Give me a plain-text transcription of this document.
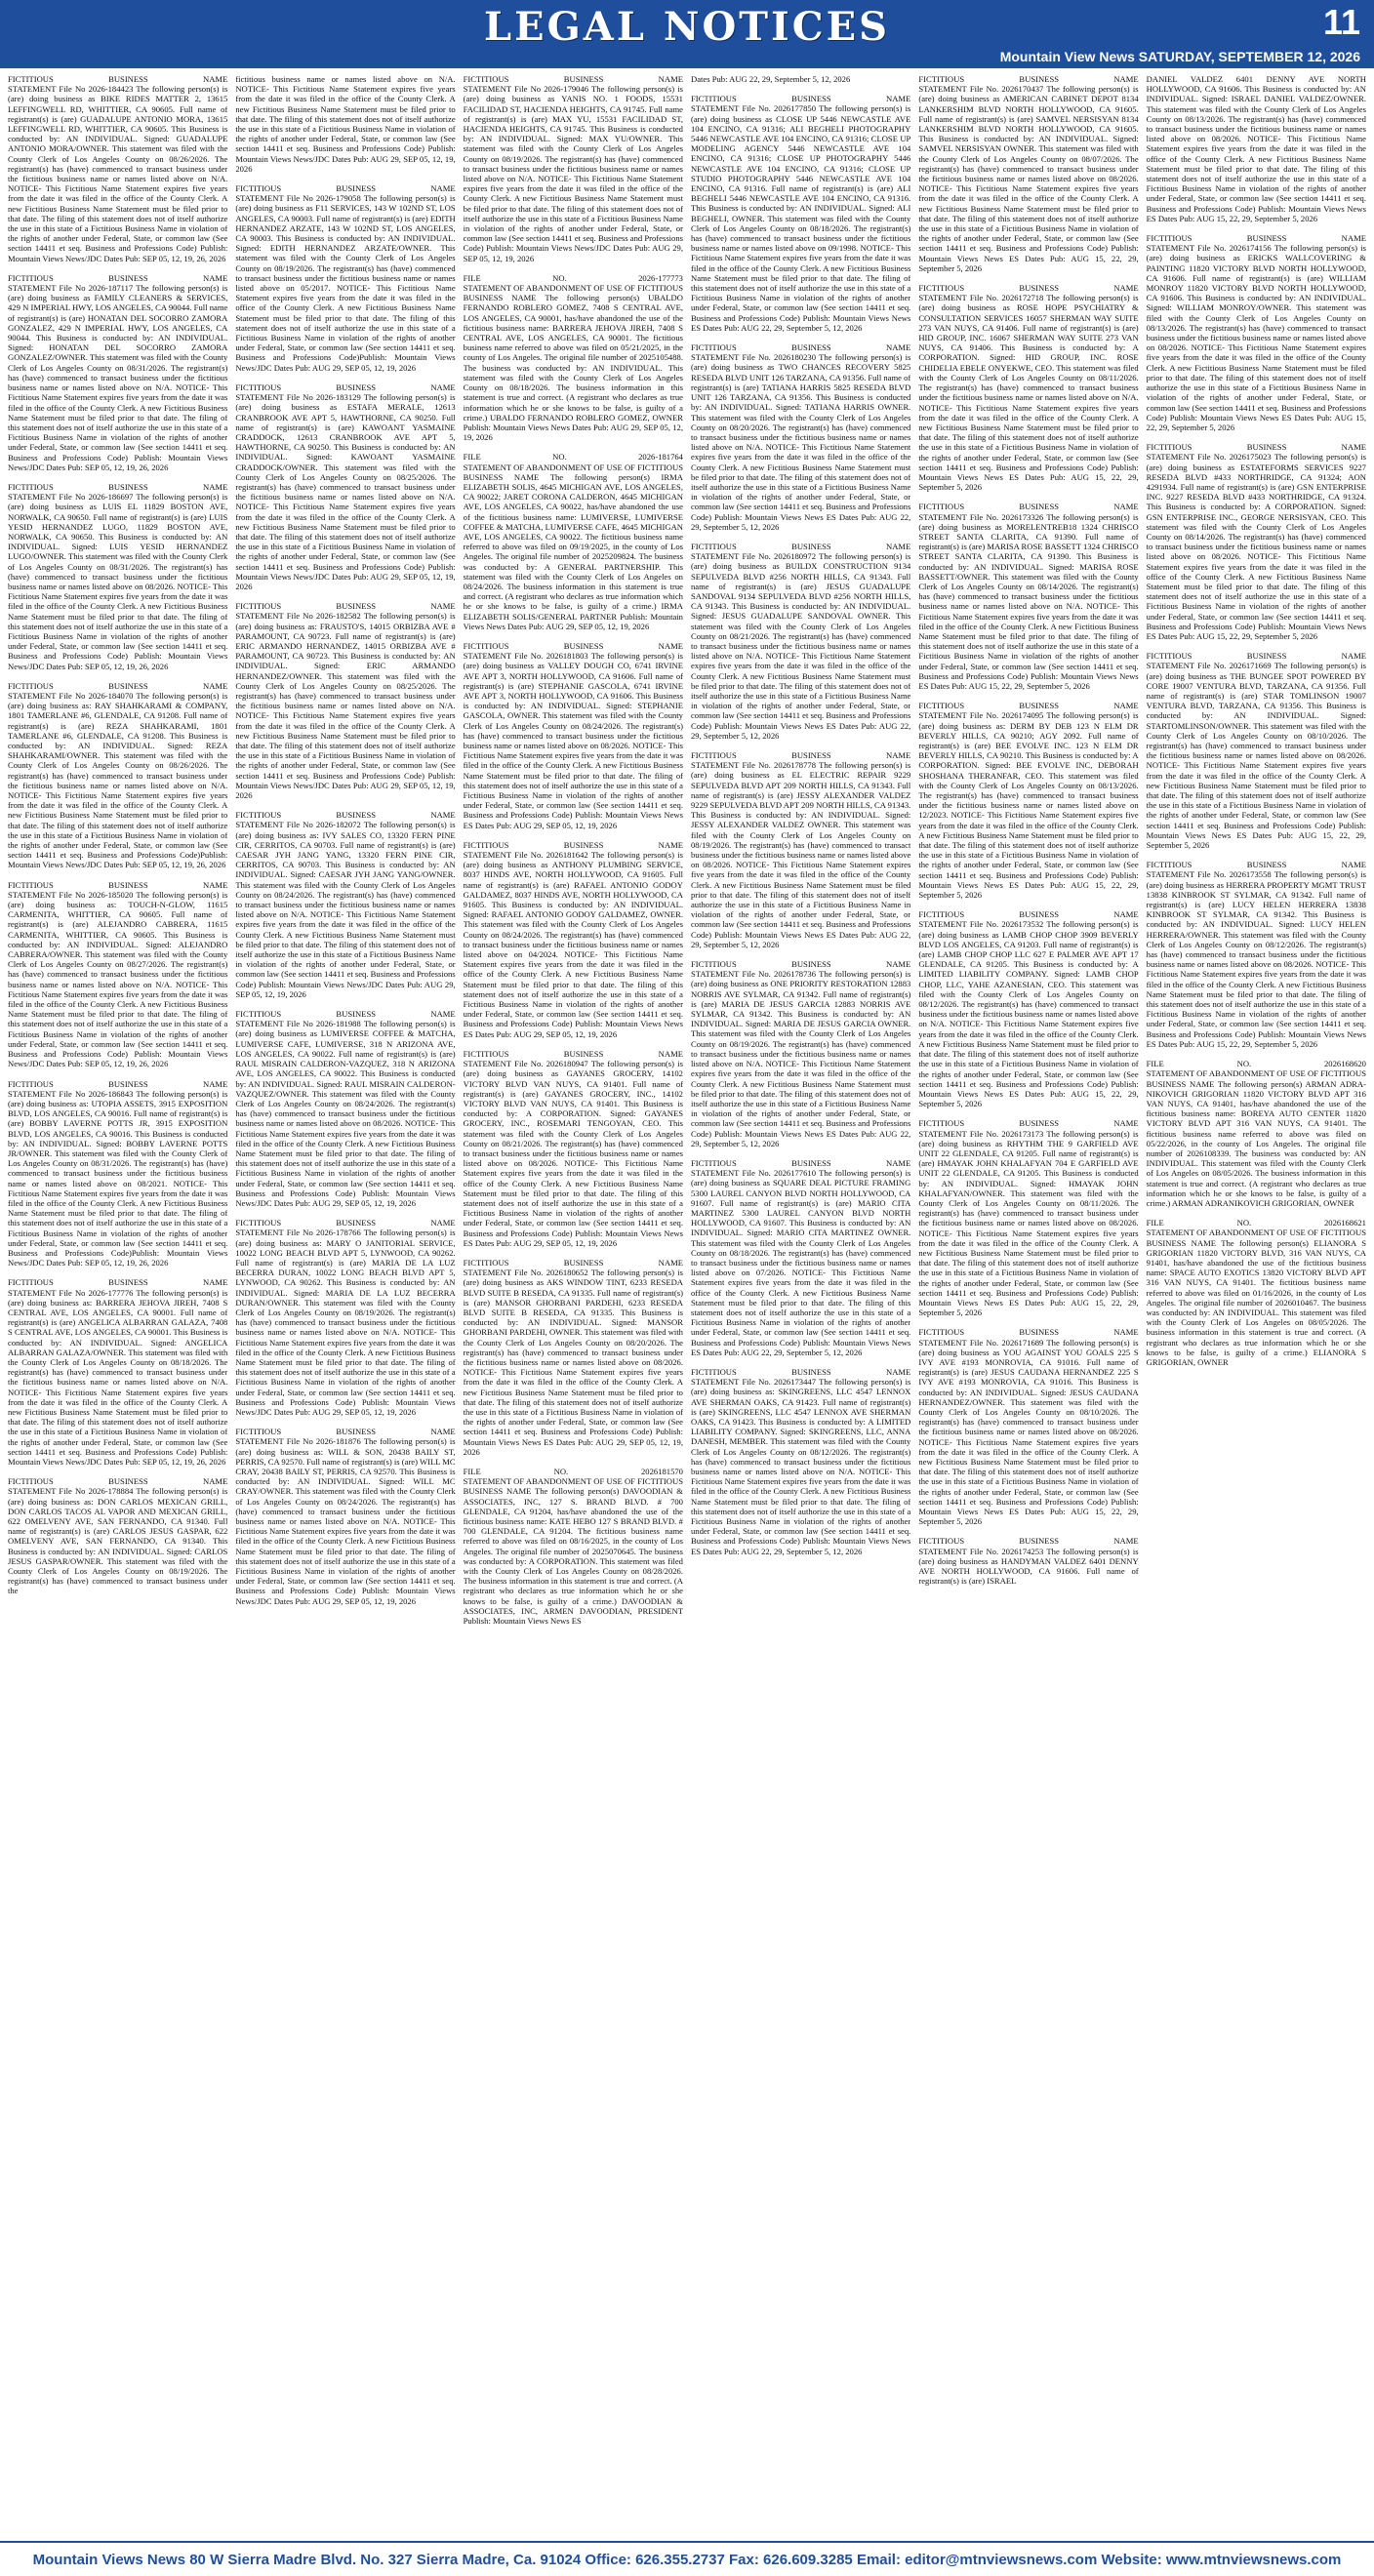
LEGAL NOTICES	11
Mountain View News SATURDAY, SEPTEMBER 12, 2026
FICTITIOUS BUSINESS NAME
STATEMENT File No 2026-184423 The following person(s) is (are) doing business as BIKE RIDES MATTER 2, 13615 LEFFINGWELL RD, WHITTIER, CA 90605. Full name of registrant(s) is (are) GUADALUPE ANTONIO MORA, 13615 LEFFINGWELL RD, WHITTIER, CA 90605. This Business is conducted by: AN INDIVIDUAL. Signed: GUADALUPE ANTONIO MORA/OWNER. This statement was filed with the County Clerk of Los Angeles County on 08/26/2026. The registrant(s) has (have) commenced to transact business under the fictitious business name or names listed above on N/A. NOTICE- This Fictitious Name Statement expires five years from the date it was filed in the office of the County Clerk. A new Fictitious Business Name Statement must be filed prior to that date. The filing of this statement does not of itself authorize the use in this state of a Fictitious Business Name in violation of the rights of another under Federal, State, or common law (See section 14411 et seq. Business and Professions Code) Publish: Mountain Views News/JDC Dates Pub: SEP 05, 12, 19, 26, 2026
FICTITIOUS BUSINESS NAME
STATEMENT File No 2026-187117 The following person(s) is (are) doing business as FAMILY CLEANERS & SERVICES, 429 N IMPERIAL HWY, LOS ANGELES, CA 90044. Full name of registrant(s) is (are) HONATAN DEL SOCORRO ZAMORA GONZALEZ, 429 N IMPERIAL HWY, LOS ANGELES, CA 90044. This Business is conducted by: AN INDIVIDUAL. Signed: HONATAN DEL SOCORRO ZAMORA GONZALEZ/OWNER. This statement was filed with the County Clerk of Los Angeles County on 08/31/2026. The registrant(s) has (have) commenced to transact business under the fictitious business name or names listed above on N/A. NOTICE- This Fictitious Name Statement expires five years from the date it was filed in the office of the County Clerk. A new Fictitious Business Name Statement must be filed prior to that date. The filing of this statement does not of itself authorize the use in this state of a Fictitious Business Name in violation of the rights of another under Federal, State, or common law (See section 14411 et seq. Business and Professions Code) Publish: Mountain Views News/JDC Dates Pub: SEP 05, 12, 19, 26, 2026
FICTITIOUS BUSINESS NAME
STATEMENT File No 2026-186697 The following person(s) is (are) doing business as LUIS EL 11829 BOSTON AVE, NORWALK, CA 90650. Full name of registrant(s) is (are) LUIS YESID HERNANDEZ LUGO, 11829 BOSTON AVE, NORWALK, CA 90650. This Business is conducted by: AN INDIVIDUAL. Signed: LUIS YESID HERNANDEZ LUGO/OWNER. This statement was filed with the County Clerk of Los Angeles County on 08/31/2026. The registrant(s) has (have) commenced to transact business under the fictitious business name or names listed above on 08/2026. NOTICE- This Fictitious Name Statement expires five years from the date it was filed in the office of the County Clerk. A new Fictitious Business Name Statement must be filed prior to that date. The filing of this statement does not of itself authorize the use in this state of a Fictitious Business Name in violation of the rights of another under Federal, State, or common law (See section 14411 et seq. Business and Professions Code) Publish: Mountain Views News/JDC Dates Pub: SEP 05, 12, 19, 26, 2026
FICTITIOUS BUSINESS NAME
STATEMENT File No 2026-184070 The following person(s) is (are) doing business as: RAY SHAHKARAMI & COMPANY, 1801 TAMERLANE #6, GLENDALE, CA 91208. Full name of registrant(s) is (are) REZA SHAHKARAMI, 1801 TAMERLANE #6, GLENDALE, CA 91208. This Business is conducted by: AN INDIVIDUAL. Signed: REZA SHAHKARAMI/OWNER. This statement was filed with the County Clerk of Los Angeles County on 08/26/2026. The registrant(s) has (have) commenced to transact business under the fictitious business name or names listed above on N/A. NOTICE- This Fictitious Name Statement expires five years from the date it was filed in the office of the County Clerk. A new Fictitious Business Name Statement must be filed prior to that date. The filing of this statement does not of itself authorize the use in this state of a Fictitious Business Name in violation of the rights of another under Federal, State, or common law (See section 14411 et seq. Business and Professions Code)Publish: Mountain Views News/JDC Dates Pub: SEP 05, 12, 19, 26, 2026
FICTITIOUS BUSINESS NAME
STATEMENT File No 2026-185020 The following person(s) is (are) doing business as: TOUCH-N-GLOW, 11615 CARMENITA, WHITTIER, CA 90605. Full name of registrant(s) is (are) ALEJANDRO CABRERA, 11615 CARMENITA, WHITTIER, CA 90605. This Business is conducted by: AN INDIVIDUAL. Signed: ALEJANDRO CABRERA/OWNER. This statement was filed with the County Clerk of Los Angeles County on 08/27/2026. The registrant(s) has (have) commenced to transact business under the fictitious business name or names listed above on N/A. NOTICE- This Fictitious Name Statement expires five years from the date it was filed in the office of the County Clerk. A new Fictitious Business Name Statement must be filed prior to that date. The filing of this statement does not of itself authorize the use in this state of a Fictitious Business Name in violation of the rights of another under Federal, State, or common law (See section 14411 et seq. Business and Professions Code) Publish: Mountain Views News/JDC Dates Pub: SEP 05, 12, 19, 26, 2026
FICTITIOUS BUSINESS NAME
STATEMENT File No 2026-186843 The following person(s) is (are) doing business as: UTOPIA ASSETS, 3915 EXPOSITION BLVD, LOS ANGELES, CA 90016. Full name of registrant(s) is (are) BOBBY LAVERNE POTTS JR, 3915 EXPOSITION BLVD, LOS ANGELES, CA 90016. This Business is conducted by: AN INDIVIDUAL. Signed: BOBBY LAVERNE POTTS JR/OWNER. This statement was filed with the County Clerk of Los Angeles County on 08/31/2026. The registrant(s) has (have) commenced to transact business under the fictitious business name or names listed above on 08/2021. NOTICE- This Fictitious Name Statement expires five years from the date it was filed in the office of the County Clerk. A new Fictitious Business Name Statement must be filed prior to that date. The filing of this statement does not of itself authorize the use in this state of a Fictitious Business Name in violation of the rights of another under Federal, State, or common law (See section 14411 et seq. Business and Professions Code)Publish: Mountain Views News/JDC Dates Pub: SEP 05, 12, 19, 26, 2026
FICTITIOUS BUSINESS NAME
STATEMENT File No 2026-177776 The following person(s) is (are) doing business as: BARRERA JEHOVA JIREH, 7408 S CENTRAL AVE, LOS ANGELES, CA 90001. Full name of registrant(s) is (are) ANGELICA ALBARRAN GALAZA, 7408 S CENTRAL AVE, LOS ANGELES, CA 90001. This Business is conducted by: AN INDIVIDUAL. Signed: ANGELICA ALBARRAN GALAZA/OWNER. This statement was filed with the County Clerk of Los Angeles County on 08/18/2026. The registrant(s) has (have) commenced to transact business under the fictitious business name or names listed above on N/A. NOTICE- This Fictitious Name Statement expires five years from the date it was filed in the office of the County Clerk. A new Fictitious Business Name Statement must be filed prior to that date. The filing of this statement does not of itself authorize the use in this state of a Fictitious Business Name in violation of the rights of another under Federal, State, or common law (See section 14411 et seq. Business and Professions Code) Publish: Mountain Views News/JDC Dates Pub: SEP 05, 12, 19, 26, 2026
FICTITIOUS BUSINESS NAME
STATEMENT File No 2026-178884 The following person(s) is (are) doing business as: DON CARLOS MEXICAN GRILL, DON CARLOS TACOS AL VAPOR AND MEXICAN GRILL, 622 OMELVENY AVE, SAN FERNANDO, CA 91340. Full name of registrant(s) is (are) CARLOS JESUS GASPAR, 622 OMELVENY AVE, SAN FERNANDO, CA 91340. This Business is conducted by: AN INDIVIDUAL. Signed: CARLOS JESUS GASPAR/OWNER. This statement was filed with the County Clerk of Los Angeles County on 08/19/2026. The registrant(s) has (have) commenced to transact business under the
fictitious business name or names listed above on N/A. NOTICE- This Fictitious Name Statement expires five years from the date it was filed in the office of the County Clerk. A new Fictitious Business Name Statement must be filed prior to that date. The filing of this statement does not of itself authorize the use in this state of a Fictitious Business Name in violation of the rights of another under Federal, State, or common law (See section 14411 et seq. Business and Professions Code) Publish: Mountain Views News/JDC Dates Pub: AUG 29, SEP 05, 12, 19, 2026
FICTITIOUS BUSINESS NAME
STATEMENT File No 2026-179058 The following person(s) is (are) doing business as F11 SERVICES, 143 W 102ND ST, LOS ANGELES, CA 90003. Full name of registrant(s) is (are) EDITH HERNANDEZ ARZATE, 143 W 102ND ST, LOS ANGELES, CA 90003. This Business is conducted by: AN INDIVIDUAL. Signed: EDITH HERNANDEZ ARZATE/OWNER. This statement was filed with the County Clerk of Los Angeles County on 08/19/2026. The registrant(s) has (have) commenced to transact business under the fictitious business name or names listed above on 05/2017. NOTICE- This Fictitious Name Statement expires five years from the date it was filed in the office of the County Clerk. A new Fictitious Business Name Statement must be filed prior to that date. The filing of this statement does not of itself authorize the use in this state of a Fictitious Business Name in violation of the rights of another under Federal, State, or common law (See section 14411 et seq. Business and Professions Code)Publish: Mountain Views News/JDC Dates Pub: AUG 29, SEP 05, 12, 19, 2026
FICTITIOUS BUSINESS NAME
STATEMENT File No 2026-183129 The following person(s) is (are) doing business as ESTAFA MERALE, 12613 CRANBROOK AVE APT 5, HAWTHORNE, CA 90250. Full name of registrant(s) is (are) KAWOANT YASMAINE CRADDOCK, 12613 CRANBROOK AVE APT 5, HAWTHORNE, CA 90250. This Business is conducted by: AN INDIVIDUAL. Signed: KAWOANT YASMAINE CRADDOCK/OWNER. This statement was filed with the County Clerk of Los Angeles County on 08/25/2026. The registrant(s) has (have) commenced to transact business under the fictitious business name or names listed above on N/A. NOTICE- This Fictitious Name Statement expires five years from the date it was filed in the office of the County Clerk. A new Fictitious Business Name Statement must be filed prior to that date. The filing of this statement does not of itself authorize the use in this state of a Fictitious Business Name in violation of the rights of another under Federal, State, or common law (See section 14411 et seq. Business and Professions Code) Publish: Mountain Views News/JDC Dates Pub: AUG 29, SEP 05, 12, 19, 2026
FICTITIOUS BUSINESS NAME
STATEMENT File No 2026-182582 The following person(s) is (are) doing business as: FRAUSTO'S, 14015 ORBIZBA AVE # PARAMOUNT, CA 90723. Full name of registrant(s) is (are) ERIC ARMANDO HERNANDEZ, 14015 ORBIZBA AVE # PARAMOUNT, CA 90723. This Business is conducted by: AN INDIVIDUAL. Signed: ERIC ARMANDO HERNANDEZ/OWNER. This statement was filed with the County Clerk of Los Angeles County on 08/25/2026. The registrant(s) has (have) commenced to transact business under the fictitious business name or names listed above on N/A. NOTICE- This Fictitious Name Statement expires five years from the date it was filed in the office of the County Clerk. A new Fictitious Business Name Statement must be filed prior to that date. The filing of this statement does not of itself authorize the use in this state of a Fictitious Business Name in violation of the rights of another under Federal, State, or common law (See section 14411 et seq. Business and Professions Code) Publish: Mountain Views News/JDC Dates Pub: AUG 29, SEP 05, 12, 19, 2026
FICTITIOUS BUSINESS NAME
STATEMENT File No 2026-182072 The following person(s) is (are) doing business as: IVY SALES CO, 13320 FERN PINE CIR, CERRITOS, CA 90703. Full name of registrant(s) is (are) CAESAR JYH JANG YANG, 13320 FERN PINE CIR, CERRITOS, CA 90703. This Business is conducted by: AN INDIVIDUAL. Signed: CAESAR JYH JANG YANG/OWNER. This statement was filed with the County Clerk of Los Angeles County on 08/24/2026. The registrant(s) has (have) commenced to transact business under the fictitious business name or names listed above on N/A. NOTICE- This Fictitious Name Statement expires five years from the date it was filed in the office of the County Clerk. A new Fictitious Business Name Statement must be filed prior to that date. The filing of this statement does not of itself authorize the use in this state of a Fictitious Business Name in violation of the rights of another under Federal, State, or common law (See section 14411 et seq. Business and Professions Code) Publish: Mountain Views News/JDC Dates Pub: AUG 29, SEP 05, 12, 19, 2026
FICTITIOUS BUSINESS NAME
STATEMENT File No 2026-181988 The following person(s) is (are) doing business as LUMIVERSE COFFEE & MATCHA, LUMIVERSE CAFE, LUMIVERSE, 318 N ARIZONA AVE, LOS ANGELES, CA 90022. Full name of registrant(s) is (are) RAUL MISRAIN CALDERON-VAZQUEZ, 318 N ARIZONA AVE, LOS ANGELES, CA 90022. This Business is conducted by: AN INDIVIDUAL. Signed: RAUL MISRAIN CALDERON-VAZQUEZ/OWNER. This statement was filed with the County Clerk of Los Angeles County on 08/24/2026. The registrant(s) has (have) commenced to transact business under the fictitious business name or names listed above on 08/2026. NOTICE- This Fictitious Name Statement expires five years from the date it was filed in the office of the County Clerk. A new Fictitious Business Name Statement must be filed prior to that date. The filing of this statement does not of itself authorize the use in this state of a Fictitious Business Name in violation of the rights of another under Federal, State, or common law (See section 14411 et seq. Business and Professions Code) Publish: Mountain Views News/JDC Dates Pub: AUG 29, SEP 05, 12, 19, 2026
FICTITIOUS BUSINESS NAME
STATEMENT File No 2026-178766 The following person(s) is (are) doing business as: MARY O JANITORIAL SERVICE, 10022 LONG BEACH BLVD APT 5, LYNWOOD, CA 90262. Full name of registrant(s) is (are) MARIA DE LA LUZ BECERRA DURAN, 10022 LONG BEACH BLVD APT 5, LYNWOOD, CA 90262. This Business is conducted by: AN INDIVIDUAL. Signed: MARIA DE LA LUZ BECERRA DURAN/OWNER. This statement was filed with the County Clerk of Los Angeles County on 08/19/2026. The registrant(s) has (have) commenced to transact business under the fictitious business name or names listed above on N/A. NOTICE- This Fictitious Name Statement expires five years from the date it was filed in the office of the County Clerk. A new Fictitious Business Name Statement must be filed prior to that date. The filing of this statement does not of itself authorize the use in this state of a Fictitious Business Name in violation of the rights of another under Federal, State, or common law (See section 14411 et seq. Business and Professions Code) Publish: Mountain Views News/JDC Dates Pub: AUG 29, SEP 05, 12, 19, 2026
FICTITIOUS BUSINESS NAME
STATEMENT File No 2026-181876 The following person(s) is (are) doing business as: WILL & SON, 20438 BAILY ST, PERRIS, CA 92570. Full name of registrant(s) is (are) WILL MC CRAY, 20438 BAILY ST, PERRIS, CA 92570. This Business is conducted by: AN INDIVIDUAL. Signed: WILL MC CRAY/OWNER. This statement was filed with the County Clerk of Los Angeles County on 08/24/2026. The registrant(s) has (have) commenced to transact business under the fictitious business name or names listed above on N/A. NOTICE- This Fictitious Name Statement expires five years from the date it was filed in the office of the County Clerk. A new Fictitious Business Name Statement must be filed prior to that date. The filing of this statement does not of itself authorize the use in this state of a Fictitious Business Name in violation of the rights of another under Federal, State, or common law (See section 14411 et seq. Business and Professions Code) Publish: Mountain Views News/JDC Dates Pub: AUG 29, SEP 05, 12, 19, 2026
FICTITIOUS BUSINESS NAME
STATEMENT File No 2026-179046 The following person(s) is (are) doing business as YANIS NO. 1 FOODS, 15531 FACILIDAD ST, HACIENDA HEIGHTS, CA 91745. Full name of registrant(s) is (are) MAX YU, 15531 FACILIDAD ST, HACIENDA HEIGHTS, CA 91745. This Business is conducted by: AN INDIVIDUAL. Signed: MAX YU/OWNER. This statement was filed with the County Clerk of Los Angeles County on 08/19/2026. The registrant(s) has (have) commenced to transact business under the fictitious business name or names listed above on N/A. NOTICE- This Fictitious Name Statement expires five years from the date it was filed in the office of the County Clerk. A new Fictitious Business Name Statement must be filed prior to that date. The filing of this statement does not of itself authorize the use in this state of a Fictitious Business Name in violation of the rights of another under Federal, State, or common law (See section 14411 et seq. Business and Professions Code) Publish: Mountain Views News/JDC Dates Pub: AUG 29, SEP 05, 12, 19, 2026
FILE NO. 2026-177773
STATEMENT OF ABANDONMENT OF USE OF FICTITIOUS BUSINESS NAME The following person(s) UBALDO FERNANDO ROBLERO GOMEZ, 7408 S CENTRAL AVE, LOS ANGELES, CA 90001, has/have abandoned the use of the fictitious business name: BARRERA JEHOVA JIREH, 7408 S CENTRAL AVE, LOS ANGELES, CA 90001. The fictitious business name referred to above was filed on 05/21/2025, in the county of Los Angeles. The original file number of 2025105488. The business was conducted by: AN INDIVIDUAL. This statement was filed with the County Clerk of Los Angeles County on 08/18/2026. The business information in this statement is true and correct. (A registrant who declares as true information which he or she knows to be false, is guilty of a crime.) UBALDO FERNANDO ROBLERO GOMEZ, OWNER Publish: Mountain Views News Dates Pub: AUG 29, SEP 05, 12, 19, 2026
FILE NO. 2026-181764
STATEMENT OF ABANDONMENT OF USE OF FICTITIOUS BUSINESS NAME The following person(s) IRMA ELIZABETH SOLIS, 4645 MICHIGAN AVE, LOS ANGELES, CA 90022; JARET CORONA CALDERON, 4645 MICHIGAN AVE, LOS ANGELES, CA 90022, has/have abandoned the use of the fictitious business name: LUMIVERSE, LUMIVERSE COFFEE & MATCHA, LUMIVERSE CAFE, 4645 MICHIGAN AVE, LOS ANGELES, CA 90022. The fictitious business name referred to above was filed on 09/19/2025, in the county of Los Angeles. The original file number of 2025209824. The business was conducted by: A GENERAL PARTNERSHIP. This statement was filed with the County Clerk of Los Angeles on 08/24/2026. The business information in this statement is true and correct. (A registrant who declares as true information which he or she knows to be false, is guilty of a crime.) IRMA ELIZABETH SOLIS/GENERAL PARTNER Publish: Mountain Views News Dates Pub: AUG 29, SEP 05, 12, 19, 2026
FICTITIOUS BUSINESS NAME
STATEMENT File No. 2026181803 The following person(s) is (are) doing business as VALLEY DOUGH CO, 6741 IRVINE AVE APT 3, NORTH HOLLYWOOD, CA 91606. Full name of registrant(s) is (are) STEPHANIE GASCOLA, 6741 IRVINE AVE APT 3, NORTH HOLLYWOOD, CA 91606. This Business is conducted by: AN INDIVIDUAL. Signed: STEPHANIE GASCOLA, OWNER. This statement was filed with the County Clerk of Los Angeles County on 08/24/2026. The registrant(s) has (have) commenced to transact business under the fictitious business name or names listed above on 08/2026. NOTICE- This Fictitious Name Statement expires five years from the date it was filed in the office of the County Clerk. A new Fictitious Business Name Statement must be filed prior to that date. The filing of this statement does not of itself authorize the use in this state of a Fictitious Business Name in violation of the rights of another under Federal, State, or common law (See section 14411 et seq. Business and Professions Code) Publish: Mountain Views News ES Dates Pub: AUG 29, SEP 05, 12, 19, 2026
FICTITIOUS BUSINESS NAME
STATEMENT File No. 2026181642 The following person(s) is (are) doing business as ANTHONY PLUMBING SERVICE, 8037 HINDS AVE, NORTH HOLLYWOOD, CA 91605. Full name of registrant(s) is (are) RAFAEL ANTONIO GODOY GALDAMEZ, 8037 HINDS AVE, NORTH HOLLYWOOD, CA 91605. This Business is conducted by: AN INDIVIDUAL. Signed: RAFAEL ANTONIO GODOY GALDAMEZ, OWNER. This statement was filed with the County Clerk of Los Angeles County on 08/24/2026. The registrant(s) has (have) commenced to transact business under the fictitious business name or names listed above on 04/2024. NOTICE- This Fictitious Name Statement expires five years from the date it was filed in the office of the County Clerk. A new Fictitious Business Name Statement must be filed prior to that date. The filing of this statement does not of itself authorize the use in this state of a Fictitious Business Name in violation of the rights of another under Federal, State, or common law (See section 14411 et seq. Business and Professions Code) Publish: Mountain Views News ES Dates Pub: AUG 29, SEP 05, 12, 19, 2026
FICTITIOUS BUSINESS NAME
STATEMENT File No. 2026180947 The following person(s) is (are) doing business as GAYANES GROCERY, 14102 VICTORY BLVD VAN NUYS, CA 91401. Full name of registrant(s) is (are) GAYANES GROCERY, INC., 14102 VICTORY BLVD VAN NUYS, CA 91401. This Business is conducted by: A CORPORATION. Signed: GAYANES GROCERY, INC., ROSEMARI TENGOYAN, CEO. This statement was filed with the County Clerk of Los Angeles County on 08/21/2026. The registrant(s) has (have) commenced to transact business under the fictitious business name or names listed above on 08/2026. NOTICE- This Fictitious Name Statement expires five years from the date it was filed in the office of the County Clerk. A new Fictitious Business Name Statement must be filed prior to that date. The filing of this statement does not of itself authorize the use in this state of a Fictitious Business Name in violation of the rights of another under Federal, State, or common law (See section 14411 et seq. Business and Professions Code) Publish: Mountain Views News ES Dates Pub: AUG 29, SEP 05, 12, 19, 2026
FICTITIOUS BUSINESS NAME
STATEMENT File No. 2026180652 The following person(s) is (are) doing business as AKS WINDOW TINT, 6233 RESEDA BLVD SUITE B RESEDA, CA 91335. Full name of registrant(s) is (are) MANSOR GHORBANI PARDEHI, 6233 RESEDA BLVD SUITE B RESEDA, CA 91335. This Business is conducted by: AN INDIVIDUAL. Signed: MANSOR GHORBANI PARDEHI, OWNER. This statement was filed with the County Clerk of Los Angeles County on 08/20/2026. The registrant(s) has (have) commenced to transact business under the fictitious business name or names listed above on 08/2026. NOTICE- This Fictitious Name Statement expires five years from the date it was filed in the office of the County Clerk. A new Fictitious Business Name Statement must be filed prior to that date. The filing of this statement does not of itself authorize the use in this state of a Fictitious Business Name in violation of the rights of another under Federal, State, or common law (See section 14411 et seq. Business and Professions Code) Publish: Mountain Views News ES Dates Pub: AUG 29, SEP 05, 12, 19, 2026
FILE NO. 2026181570
STATEMENT OF ABANDONMENT OF USE OF FICTITIOUS BUSINESS NAME The following person(s) DAVOODIAN & ASSOCIATES, INC, 127 S. BRAND BLVD. # 700 GLENDALE, CA 91204, has/have abandoned the use of the fictitious business name: KATE HEBO 127 S BRAND BLVD. # 700 GLENDALE, CA 91204. The fictitious business name referred to above was filed on 08/16/2025, in the county of Los Angeles. The original file number of 2025070645. The business was conducted by: A CORPORATION. This statement was filed with the County Clerk of Los Angeles County on 08/28/2026. The business information in this statement is true and correct. (A registrant who declares as true information which he or she knows to be false, is guilty of a crime.) DAVOODIAN & ASSOCIATES, INC, ARMEN DAVOODIAN, PRESIDENT Publish: Mountain Views News ES
Dates Pub: AUG 22, 29, September 5, 12, 2026
FICTITIOUS BUSINESS NAME
STATEMENT File No. 2026177850 The following person(s) is (are) doing business as CLOSE UP 5446 NEWCASTLE AVE 104 ENCINO, CA 91316; ALI BEGHELI PHOTOGRAPHY 5446 NEWCASTLE AVE 104 ENCINO, CA 91316; CLOSE UP MODELING AGENCY 5446 NEWCASTLE AVE 104 ENCINO, CA 91316; CLOSE UP PHOTOGRAPHY 5446 NEWCASTLE AVE 104 ENCINO, CA 91316; CLOSE UP STUDIO PHOTOGRAPHY 5446 NEWCASTLE AVE 104 ENCINO, CA 91316. Full name of registrant(s) is (are) ALI BEGHELI 5446 NEWCASTLE AVE 104 ENCINO, CA 91316. This Business is conducted by: AN INDIVIDUAL. Signed: ALI BEGHELI, OWNER. This statement was filed with the County Clerk of Los Angeles County on 08/18/2026. The registrant(s) has (have) commenced to transact business under the fictitious business name or names listed above on 09/1998. NOTICE- This Fictitious Name Statement expires five years from the date it was filed in the office of the County Clerk. A new Fictitious Business Name Statement must be filed prior to that date. The filing of this statement does not of itself authorize the use in this state of a Fictitious Business Name in violation of the rights of another under Federal, State, or common law (See section 14411 et seq. Business and Professions Code) Publish: Mountain Views News ES Dates Pub: AUG 22, 29, September 5, 12, 2026
FICTITIOUS BUSINESS NAME
STATEMENT File No. 2026180230 The following person(s) is (are) doing business as TWO CHANCES RECOVERY 5825 RESEDA BLVD UNIT 126 TARZANA, CA 91356. Full name of registrant(s) is (are) TATIANA HARRIS 5825 RESEDA BLVD UNIT 126 TARZANA, CA 91356. This Business is conducted by: AN INDIVIDUAL. Signed: TATIANA HARRIS OWNER. This statement was filed with the County Clerk of Los Angeles County on 08/20/2026. The registrant(s) has (have) commenced to transact business under the fictitious business name or names listed above on N/A. NOTICE- This Fictitious Name Statement expires five years from the date it was filed in the office of the County Clerk. A new Fictitious Business Name Statement must be filed prior to that date. The filing of this statement does not of itself authorize the use in this state of a Fictitious Business Name in violation of the rights of another under Federal, State, or common law (See section 14411 et seq. Business and Professions Code) Publish: Mountain Views News ES Dates Pub: AUG 22, 29, September 5, 12, 2026
FICTITIOUS BUSINESS NAME
STATEMENT File No. 2026180972 The following person(s) is (are) doing business as BUILDX CONSTRUCTION 9134 SEPULVEDA BLVD #256 NORTH HILLS, CA 91343. Full name of registrant(s) is (are) JESUS GUADALUPE SANDOVAL 9134 SEPULVEDA BLVD #256 NORTH HILLS, CA 91343. This Business is conducted by: AN INDIVIDUAL. Signed: JESUS GUADALUPE SANDOVAL OWNER. This statement was filed with the County Clerk of Los Angeles County on 08/21/2026. The registrant(s) has (have) commenced to transact business under the fictitious business name or names listed above on N/A. NOTICE- This Fictitious Name Statement expires five years from the date it was filed in the office of the County Clerk. A new Fictitious Business Name Statement must be filed prior to that date. The filing of this statement does not of itself authorize the use in this state of a Fictitious Business Name in violation of the rights of another under Federal, State, or common law (See section 14411 et seq. Business and Professions Code) Publish: Mountain Views News ES Dates Pub: AUG 22, 29, September 5, 12, 2026
FICTITIOUS BUSINESS NAME
STATEMENT File No. 2026178778 The following person(s) is (are) doing business as EL ELECTRIC REPAIR 9229 SEPULVEDA BLVD APT 209 NORTH HILLS, CA 91343. Full name of registrant(s) is (are) JESSY ALEXANDER VALDEZ 9229 SEPULVEDA BLVD APT 209 NORTH HILLS, CA 91343. This Business is conducted by: AN INDIVIDUAL. Signed: JESSY ALEXANDER VALDEZ OWNER. This statement was filed with the County Clerk of Los Angeles County on 08/19/2026. The registrant(s) has (have) commenced to transact business under the fictitious business name or names listed above on 08/2026. NOTICE- This Fictitious Name Statement expires five years from the date it was filed in the office of the County Clerk. A new Fictitious Business Name Statement must be filed prior to that date. The filing of this statement does not of itself authorize the use in this state of a Fictitious Business Name in violation of the rights of another under Federal, State, or common law (See section 14411 et seq. Business and Professions Code) Publish: Mountain Views News ES Dates Pub: AUG 22, 29, September 5, 12, 2026
FICTITIOUS BUSINESS NAME
STATEMENT File No. 2026178736 The following person(s) is (are) doing business as ONE PRIORITY RESTORATION 12883 NORRIS AVE SYLMAR, CA 91342. Full name of registrant(s) is (are) MARIA DE JESUS GARCIA 12883 NORRIS AVE SYLMAR, CA 91342. This Business is conducted by: AN INDIVIDUAL. Signed: MARIA DE JESUS GARCIA OWNER. This statement was filed with the County Clerk of Los Angeles County on 08/19/2026. The registrant(s) has (have) commenced to transact business under the fictitious business name or names listed above on N/A. NOTICE- This Fictitious Name Statement expires five years from the date it was filed in the office of the County Clerk. A new Fictitious Business Name Statement must be filed prior to that date. The filing of this statement does not of itself authorize the use in this state of a Fictitious Business Name in violation of the rights of another under Federal, State, or common law (See section 14411 et seq. Business and Professions Code) Publish: Mountain Views News ES Dates Pub: AUG 22, 29, September 5, 12, 2026
FICTITIOUS BUSINESS NAME
STATEMENT File No. 2026177610 The following person(s) is (are) doing business as SQUARE DEAL PICTURE FRAMING 5300 LAUREL CANYON BLVD NORTH HOLLYWOOD, CA 91607. Full name of registrant(s) is (are) MARIO CITA MARTINEZ 5300 LAUREL CANYON BLVD NORTH HOLLYWOOD, CA 91607. This Business is conducted by: AN INDIVIDUAL. Signed: MARIO CITA MARTINEZ OWNER. This statement was filed with the County Clerk of Los Angeles County on 08/18/2026. The registrant(s) has (have) commenced to transact business under the fictitious business name or names listed above on 07/2026. NOTICE- This Fictitious Name Statement expires five years from the date it was filed in the office of the County Clerk. A new Fictitious Business Name Statement must be filed prior to that date. The filing of this statement does not of itself authorize the use in this state of a Fictitious Business Name in violation of the rights of another under Federal, State, or common law (See section 14411 et seq. Business and Professions Code) Publish: Mountain Views News ES Dates Pub: AUG 22, 29, September 5, 12, 2026
FICTITIOUS BUSINESS NAME
STATEMENT File No. 2026173447 The following person(s) is (are) doing business as: SKINGREENS, LLC 4547 LENNOX AVE SHERMAN OAKS, CA 91423. Full name of registrant(s) is (are) SKINGREENS, LLC 4547 LENNOX AVE SHERMAN OAKS, CA 91423. This Business is conducted by: A LIMITED LIABILITY COMPANY. Signed: SKINGREENS, LLC, ANNA DANESH, MEMBER. This statement was filed with the County Clerk of Los Angeles County on 08/12/2026. The registrant(s) has (have) commenced to transact business under the fictitious business name or names listed above on N/A. NOTICE- This Fictitious Name Statement expires five years from the date it was filed in the office of the County Clerk. A new Fictitious Business Name Statement must be filed prior to that date. The filing of this statement does not of itself authorize the use in this state of a Fictitious Business Name in violation of the rights of another under Federal, State, or common law (See section 14411 et seq. Business and Professions Code) Publish: Mountain Views News ES Dates Pub: AUG 22, 29, September 5, 12, 2026
FICTITIOUS BUSINESS NAME
STATEMENT File No. 2026170437 The following person(s) is (are) doing business as AMERICAN CABINET DEPOT 8134 LANKERSHIM BLVD NORTH HOLLYWOOD, CA 91605. Full name of registrant(s) is (are) SAMVEL NERSISYAN 8134 LANKERSHIM BLVD NORTH HOLLYWOOD, CA 91605. This Business is conducted by: AN INDIVIDUAL. Signed: SAMVEL NERSISYAN OWNER. This statement was filed with the County Clerk of Los Angeles County on 08/07/2026. The registrant(s) has (have) commenced to transact business under the fictitious business name or names listed above on 08/2026. NOTICE- This Fictitious Name Statement expires five years from the date it was filed in the office of the County Clerk. A new Fictitious Business Name Statement must be filed prior to that date. The filing of this statement does not of itself authorize the use in this state of a Fictitious Business Name in violation of the rights of another under Federal, State, or common law (See section 14411 et seq. Business and Professions Code) Publish: Mountain Views News ES Dates Pub: AUG 15, 22, 29, September 5, 2026
FICTITIOUS BUSINESS NAME
STATEMENT File No. 2026172718 The following person(s) is (are) doing business as ROSE HOPE PSYCHIATRY & CONSULTATION SERVICES 16057 SHERMAN WAY SUITE 273 VAN NUYS, CA 91406. Full name of registrant(s) is (are) HID GROUP, INC. 16067 SHERMAN WAY SUITE 273 VAN NUYS, CA 91406. This Business is conducted by: A CORPORATION. Signed: HID GROUP, INC. ROSE CHIDELIA EBELE ONYEKWE, CEO. This statement was filed with the County Clerk of Los Angeles County on 08/11/2026. The registrant(s) has (have) commenced to transact business under the fictitious business name or names listed above on N/A. NOTICE- This Fictitious Name Statement expires five years from the date it was filed in the office of the County Clerk. A new Fictitious Business Name Statement must be filed prior to that date. The filing of this statement does not of itself authorize the use in this state of a Fictitious Business Name in violation of the rights of another under Federal, State, or common law (See section 14411 et seq. Business and Professions Code) Publish: Mountain Views News ES Dates Pub: AUG 15, 22, 29, September 5, 2026
FICTITIOUS BUSINESS NAME
STATEMENT File No. 2026173326 The following person(s) is (are) doing business as MORELENTREB18 1324 CHRISCO STREET SANTA CLARITA, CA 91390. Full name of registrant(s) is (are) MARISA ROSE BASSETT 1324 CHRISCO STREET SANTA CLARITA, CA 91390. This Business is conducted by: AN INDIVIDUAL. Signed: MARISA ROSE BASSETT/OWNER. This statement was filed with the County Clerk of Los Angeles County on 08/14/2026. The registrant(s) has (have) commenced to transact business under the fictitious business name or names listed above on N/A. NOTICE- This Fictitious Name Statement expires five years from the date it was filed in the office of the County Clerk. A new Fictitious Business Name Statement must be filed prior to that date. The filing of this statement does not of itself authorize the use in this state of a Fictitious Business Name in violation of the rights of another under Federal, State, or common law (See section 14411 et seq. Business and Professions Code) Publish: Mountain Views News ES Dates Pub: AUG 15, 22, 29, September 5, 2026
FICTITIOUS BUSINESS NAME
STATEMENT File No. 2026174095 The following person(s) is (are) doing business as: DERM BY DEB 123 N ELM DR BEVERLY HILLS, CA 90210; AGY 2092. Full name of registrant(s) is (are) BEE EVOLVE INC. 123 N ELM DR BEVERLY HILLS, CA 90210. This Business is conducted by: A CORPORATION. Signed: BEE EVOLVE INC, DEBORAH SHOSHANA THERANFAR, CEO. This statement was filed with the County Clerk of Los Angeles County on 08/13/2026. The registrant(s) has (have) commenced to transact business under the fictitious business name or names listed above on 12/2023. NOTICE- This Fictitious Name Statement expires five years from the date it was filed in the office of the County Clerk. A new Fictitious Business Name Statement must be filed prior to that date. The filing of this statement does not of itself authorize the use in this state of a Fictitious Business Name in violation of the rights of another under Federal, State, or common law (See section 14411 et seq. Business and Professions Code) Publish: Mountain Views News ES Dates Pub: AUG 15, 22, 29, September 5, 2026
FICTITIOUS BUSINESS NAME
STATEMENT File No. 2026173532 The following person(s) is (are) doing business as LAMB CHOP CHOP 3909 BEVERLY BLVD LOS ANGELES, CA 91203. Full name of registrant(s) is (are) LAMB CHOP CHOP LLC 627 E PALMER AVE APT 17 GLENDALE, CA 91205. This Business is conducted by: A LIMITED LIABILITY COMPANY. Signed: LAMB CHOP CHOP, LLC, YAHE AZANESIAN, CEO. This statement was filed with the County Clerk of Los Angeles County on 08/12/2026. The registrant(s) has (have) commenced to transact business under the fictitious business name or names listed above on N/A. NOTICE- This Fictitious Name Statement expires five years from the date it was filed in the office of the County Clerk. A new Fictitious Business Name Statement must be filed prior to that date. The filing of this statement does not of itself authorize the use in this state of a Fictitious Business Name in violation of the rights of another under Federal, State, or common law (See section 14411 et seq. Business and Professions Code) Publish: Mountain Views News ES Dates Pub: AUG 15, 22, 29, September 5, 2026
FICTITIOUS BUSINESS NAME
STATEMENT File No. 2026173173 The following person(s) is (are) doing business as RHYTHM THE 9 GARFIELD AVE UNIT 22 GLENDALE, CA 91205. Full name of registrant(s) is (are) HMAYAK JOHN KHALAFYAN 704 E GARFIELD AVE UNIT 22 GLENDALE, CA 91205. This Business is conducted by: AN INDIVIDUAL. Signed: HMAYAK JOHN KHALAFYAN/OWNER. This statement was filed with the County Clerk of Los Angeles County on 08/11/2026. The registrant(s) has (have) commenced to transact business under the fictitious business name or names listed above on 08/2026. NOTICE- This Fictitious Name Statement expires five years from the date it was filed in the office of the County Clerk. A new Fictitious Business Name Statement must be filed prior to that date. The filing of this statement does not of itself authorize the use in this state of a Fictitious Business Name in violation of the rights of another under Federal, State, or common law (See section 14411 et seq. Business and Professions Code) Publish: Mountain Views News ES Dates Pub: AUG 15, 22, 29, September 5, 2026
FICTITIOUS BUSINESS NAME
STATEMENT File No. 2026171689 The following person(s) is (are) doing business as YOU AGAINST YOU GOALS 225 S IVY AVE #193 MONROVIA, CA 91016. Full name of registrant(s) is (are) JESUS CAUDANA HERNANDEZ 225 S IVY AVE #193 MONROVIA, CA 91016. This Business is conducted by: AN INDIVIDUAL. Signed: JESUS CAUDANA HERNANDEZ/OWNER. This statement was filed with the County Clerk of Los Angeles County on 08/10/2026. The registrant(s) has (have) commenced to transact business under the fictitious business name or names listed above on 08/2026. NOTICE- This Fictitious Name Statement expires five years from the date it was filed in the office of the County Clerk. A new Fictitious Business Name Statement must be filed prior to that date. The filing of this statement does not of itself authorize the use in this state of a Fictitious Business Name in violation of the rights of another under Federal, State, or common law (See section 14411 et seq. Business and Professions Code) Publish: Mountain Views News ES Dates Pub: AUG 15, 22, 29, September 5, 2026
FICTITIOUS BUSINESS NAME
STATEMENT File No. 2026174253 The following person(s) is (are) doing business as HANDYMAN VALDEZ 6401 DENNY AVE NORTH HOLLYWOOD, CA 91606. Full name of registrant(s) is (are) ISRAEL
DANIEL VALDEZ 6401 DENNY AVE NORTH HOLLYWOOD, CA 91606. This Business is conducted by: AN INDIVIDUAL. Signed: ISRAEL DANIEL VALDEZ/OWNER. This statement was filed with the County Clerk of Los Angeles County on 08/13/2026. The registrant(s) has (have) commenced to transact business under the fictitious business name or names listed above on 08/2026. NOTICE- This Fictitious Name Statement expires five years from the date it was filed in the office of the County Clerk. A new Fictitious Business Name Statement must be filed prior to that date. The filing of this statement does not of itself authorize the use in this state of a Fictitious Business Name in violation of the rights of another under Federal, State, or common law (See section 14411 et seq. Business and Professions Code) Publish: Mountain Views News ES Dates Pub: AUG 15, 22, 29, September 5, 2026
FICTITIOUS BUSINESS NAME
STATEMENT File No. 2026174156 The following person(s) is (are) doing business as ERICKS WALLCOVERING & PAINTING 11820 VICTORY BLVD NORTH HOLLYWOOD, CA 91606. Full name of registrant(s) is (are) WILLIAM MONROY 11820 VICTORY BLVD NORTH HOLLYWOOD, CA 91606. This Business is conducted by: AN INDIVIDUAL. Signed: WILLIAM MONROY/OWNER. This statement was filed with the County Clerk of Los Angeles County on 08/13/2026. The registrant(s) has (have) commenced to transact business under the fictitious business name or names listed above on 08/2026. NOTICE- This Fictitious Name Statement expires five years from the date it was filed in the office of the County Clerk. A new Fictitious Business Name Statement must be filed prior to that date. The filing of this statement does not of itself authorize the use in this state of a Fictitious Business Name in violation of the rights of another under Federal, State, or common law (See section 14411 et seq. Business and Professions Code) Publish: Mountain Views News ES Dates Pub: AUG 15, 22, 29, September 5, 2026
FICTITIOUS BUSINESS NAME
STATEMENT File No. 2026175023 The following person(s) is (are) doing business as ESTATEFORMS SERVICES 9227 RESEDA BLVD #433 NORTHRIDGE, CA 91324; AON 4291934. Full name of registrant(s) is (are) GSN ENTERPRISE INC. 9227 RESEDA BLVD #433 NORTHRIDGE, CA 91324. This Business is conducted by: A CORPORATION. Signed: GSN ENTERPRISE INC., GEORGE NERSISYAN, CEO. This statement was filed with the County Clerk of Los Angeles County on 08/14/2026. The registrant(s) has (have) commenced to transact business under the fictitious business name or names listed above on 08/2026. NOTICE- This Fictitious Name Statement expires five years from the date it was filed in the office of the County Clerk. A new Fictitious Business Name Statement must be filed prior to that date. The filing of this statement does not of itself authorize the use in this state of a Fictitious Business Name in violation of the rights of another under Federal, State, or common law (See section 14411 et seq. Business and Professions Code) Publish: Mountain Views News ES Dates Pub: AUG 15, 22, 29, September 5, 2026
FICTITIOUS BUSINESS NAME
STATEMENT File No. 2026171669 The following person(s) is (are) doing business as THE BUNGEE SPOT POWERED BY CORE 19007 VENTURA BLVD, TARZANA, CA 91356. Full name of registrant(s) is (are) STAR TOMLINSON 19007 VENTURA BLVD, TARZANA, CA 91356. This Business is conducted by: AN INDIVIDUAL. Signed: STARTOMLINSON/OWNER. This statement was filed with the County Clerk of Los Angeles County on 08/10/2026. The registrant(s) has (have) commenced to transact business under the fictitious business name or names listed above on 08/2026. NOTICE- This Fictitious Name Statement expires five years from the date it was filed in the office of the County Clerk. A new Fictitious Business Name Statement must be filed prior to that date. The filing of this statement does not of itself authorize the use in this state of a Fictitious Business Name in violation of the rights of another under Federal, State, or common law (See section 14411 et seq. Business and Professions Code) Publish: Mountain Views News ES Dates Pub: AUG 15, 22, 29, September 5, 2026
FICTITIOUS BUSINESS NAME
STATEMENT File No. 2026173558 The following person(s) is (are) doing business as HERRERA PROPERTY MGMT TRUST 13838 KINBROOK ST SYLMAR, CA 91342. Full name of registrant(s) is (are) LUCY HELEN HERRERA 13838 KINBROOK ST SYLMAR, CA 91342. This Business is conducted by: AN INDIVIDUAL. Signed: LUCY HELEN HERRERA/OWNER. This statement was filed with the County Clerk of Los Angeles County on 08/12/2026. The registrant(s) has (have) commenced to transact business under the fictitious business name or names listed above on 08/2026. NOTICE- This Fictitious Name Statement expires five years from the date it was filed in the office of the County Clerk. A new Fictitious Business Name Statement must be filed prior to that date. The filing of this statement does not of itself authorize the use in this state of a Fictitious Business Name in violation of the rights of another under Federal, State, or common law (See section 14411 et seq. Business and Professions Code) Publish: Mountain Views News ES Dates Pub: AUG 15, 22, 29, September 5, 2026
FILE NO. 2026168620
STATEMENT OF ABANDONMENT OF USE OF FICTITIOUS BUSINESS NAME The following person(s) ARMAN ADRA-NIKOVICH GRIGORIAN 11820 VICTORY BLVD APT 316 VAN NUYS, CA 91401, has/have abandoned the use of the fictitious business name: BOREYA AUTO CENTER 11820 VICTORY BLVD APT 316 VAN NUYS, CA 91401. The fictitious business name referred to above was filed on 05/22/2026, in the county of Los Angeles. The original file number of 2026108339. The business was conducted by: AN INDIVIDUAL. This statement was filed with the County Clerk of Los Angeles on 08/05/2026. The business information in this statement is true and correct. (A registrant who declares as true information which he or she knows to be false, is guilty of a crime.) ARMAN ADRANIKOVICH GRIGORIAN, OWNER
FILE NO. 2026168621
STATEMENT OF ABANDONMENT OF USE OF FICTITIOUS BUSINESS NAME The following person(s) ELIANORA S GRIGORIAN 11820 VICTORY BLVD, 316 VAN NUYS, CA 91401, has/have abandoned the use of the fictitious business name: SPACE AUTO EXOTICS 13820 VICTORY BLVD APT 316 VAN NUYS, CA 91401. The fictitious business name referred to above was filed on 01/16/2026, in the county of Los Angeles. The original file number of 2026010467. The business was conducted by: AN INDIVIDUAL. This statement was filed with the County Clerk of Los Angeles on 08/05/2026. The business information in this statement is true and correct. (A registrant who declares as true information which he or she knows to be false, is guilty of a crime.) ELIANORA S GRIGORIAN, OWNER
Mountain Views News 80 W Sierra Madre Blvd. No. 327 Sierra Madre, Ca. 91024 Office: 626.355.2737 Fax: 626.609.3285 Email: editor@mtnviewsnews.com Website: www.mtnviewsnews.com
